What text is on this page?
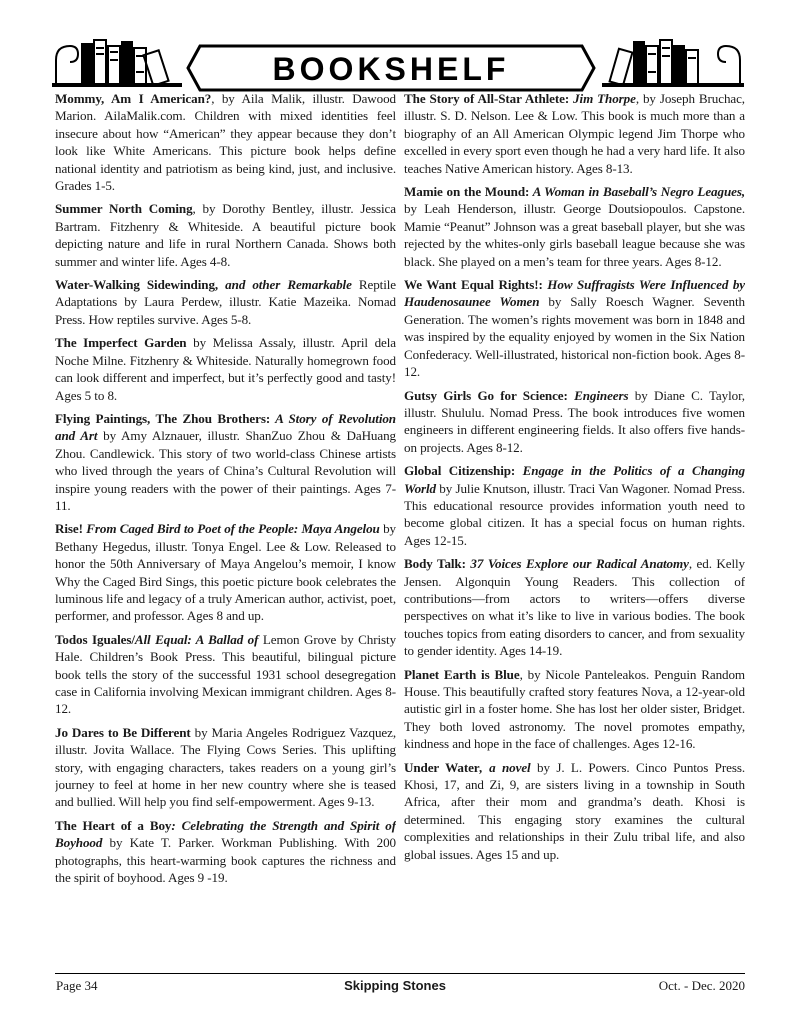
BOOKSHELF

Mommy, Am I American?, by Aila Malik, illustr. Dawood Marion. AilaMalik.com. Children with mixed identities feel insecure about how “American” they appear because they don’t look like White Americans. This picture book helps define national identity and patriotism as being kind, just, and inclusive. Grades 1-5.

Summer North Coming, by Dorothy Bentley, illustr. Jessica Bartram. Fitzhenry & Whiteside. A beautiful picture book depicting nature and life in rural Northern Canada. Shows both summer and winter life. Ages 4-8.

Water-Walking Sidewinding, and other Remarkable Reptile Adaptations by Laura Perdew, illustr. Katie Mazeika. Nomad Press. How reptiles survive. Ages 5-8.

The Imperfect Garden by Melissa Assaly, illustr. April dela Noche Milne. Fitzhenry & Whiteside. Naturally homegrown food can look different and imperfect, but it’s perfectly good and tasty! Ages 5 to 8.

Flying Paintings, The Zhou Brothers: A Story of Revolution and Art by Amy Alznauer, illustr. ShanZuo Zhou & DaHuang Zhou. Candlewick. This story of two world-class Chinese artists who lived through the years of China’s Cultural Revolution will inspire young readers with the power of their paintings. Ages 7-11.

Rise! From Caged Bird to Poet of the People: Maya Angelou by Bethany Hegedus, illustr. Tonya Engel. Lee & Low. Released to honor the 50th Anniversary of Maya Angelou’s memoir, I know Why the Caged Bird Sings, this poetic picture book celebrates the luminous life and legacy of a truly American author, activist, poet, performer, and professor. Ages 8 and up.

Todos Iguales/All Equal: A Ballad of Lemon Grove by Christy Hale. Children’s Book Press. This beautiful, bilingual picture book tells the story of the successful 1931 school desegregation case in California involving Mexican immigrant children. Ages 8-12.

Jo Dares to Be Different by Maria Angeles Rodriguez Vazquez, illustr. Jovita Wallace. The Flying Cows Series. This uplifting story, with engaging characters, takes readers on a young girl’s journey to feel at home in her new country where she is teased and bullied. Will help you find self-empowerment. Ages 9-13.

The Heart of a Boy: Celebrating the Strength and Spirit of Boyhood by Kate T. Parker. Workman Publishing. With 200 photographs, this heart-warming book captures the richness and the spirit of boyhood. Ages 9 -19.

The Story of All-Star Athlete: Jim Thorpe, by Joseph Bruchac, illustr. S. D. Nelson. Lee & Low. This book is much more than a biography of an All American Olympic legend Jim Thorpe who excelled in every sport even though he had a very hard life. It also teaches Native American history. Ages 8-13.

Mamie on the Mound: A Woman in Baseball’s Negro Leagues, by Leah Henderson, illustr. George Doutsiopoulos. Capstone. Mamie “Peanut” Johnson was a great baseball player, but she was rejected by the whites-only girls baseball league because she was black. She played on a men’s team for three years. Ages 8-12.

We Want Equal Rights!: How Suffragists Were Influenced by Haudenosaunee Women by Sally Roesch Wagner. Seventh Generation. The women’s rights movement was born in 1848 and was inspired by the equality enjoyed by women in the Six Nation Confederacy. Well-illustrated, historical non-fiction book. Ages 8-12.

Gutsy Girls Go for Science: Engineers by Diane C. Taylor, illustr. Shululu. Nomad Press. The book introduces five women engineers in different engineering fields. It also offers five hands-on projects. Ages 8-12.

Global Citizenship: Engage in the Politics of a Changing World by Julie Knutson, illustr. Traci Van Wagoner. Nomad Press. This educational resource provides information youth need to become global citizen. It has a special focus on human rights. Ages 12-15.

Body Talk: 37 Voices Explore our Radical Anatomy, ed. Kelly Jensen. Algonquin Young Readers. This collection of contributions—from actors to writers—offers diverse perspectives on what it’s like to live in various bodies. The book touches topics from eating disorders to cancer, and from sexuality to gender identity. Ages 14-19.

Planet Earth is Blue, by Nicole Panteleakos. Penguin Random House. This beautifully crafted story features Nova, a 12-year-old autistic girl in a foster home. She has lost her older sister, Bridget. They both loved astronomy. The novel promotes empathy, kindness and hope in the face of challenges. Ages 12-16.

Under Water, a novel by J. L. Powers. Cinco Puntos Press. Khosi, 17, and Zi, 9, are sisters living in a township in South Africa, after their mom and grandma’s death. Khosi is determined. This engaging story examines the cultural complexities and relationships in their Zulu tribal life, and also global issues. Ages 15 and up.

Page 34	Skipping Stones	Oct. - Dec. 2020
